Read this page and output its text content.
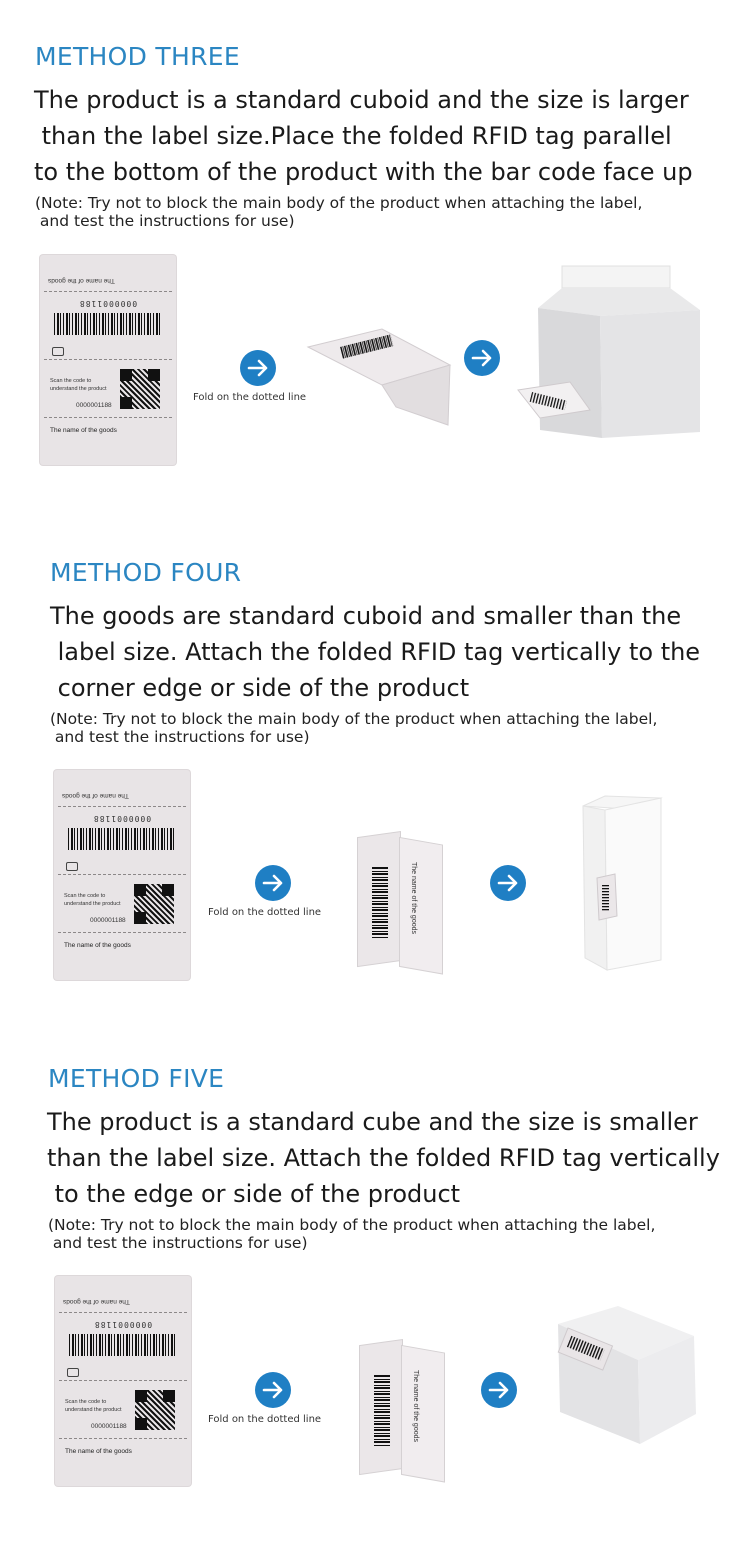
METHOD THREE
The product is a standard cuboid and the size is larger
than the label size.Place the folded RFID tag parallel
to the bottom of the product with the bar code face up
(Note: Try not to block the main body of the product when attaching the label,
and test the instructions for use)
The name of the goods
0000001188
Scan the code to
understand the product
0000001188
The name of the goods
Fold on the dotted line
METHOD FOUR
The goods are standard cuboid and smaller than the
label size. Attach the folded RFID tag vertically to the
corner edge or side of the product
(Note: Try not to block the main body of the product when attaching the label,
and test the instructions for use)
The name of the goods
0000001188
Scan the code to
understand the product
0000001188
The name of the goods
Fold on the dotted line	The name of the goods
METHOD FIVE
The product is a standard cube and the size is smaller
than the label size. Attach the folded RFID tag vertically
to the edge or side of the product
(Note: Try not to block the main body of the product when attaching the label,
and test the instructions for use)
The name of the goods
0000001188
Scan the code to
understand the product
0000001188
The name of the goods
Fold on the dotted line	The name of the goods
